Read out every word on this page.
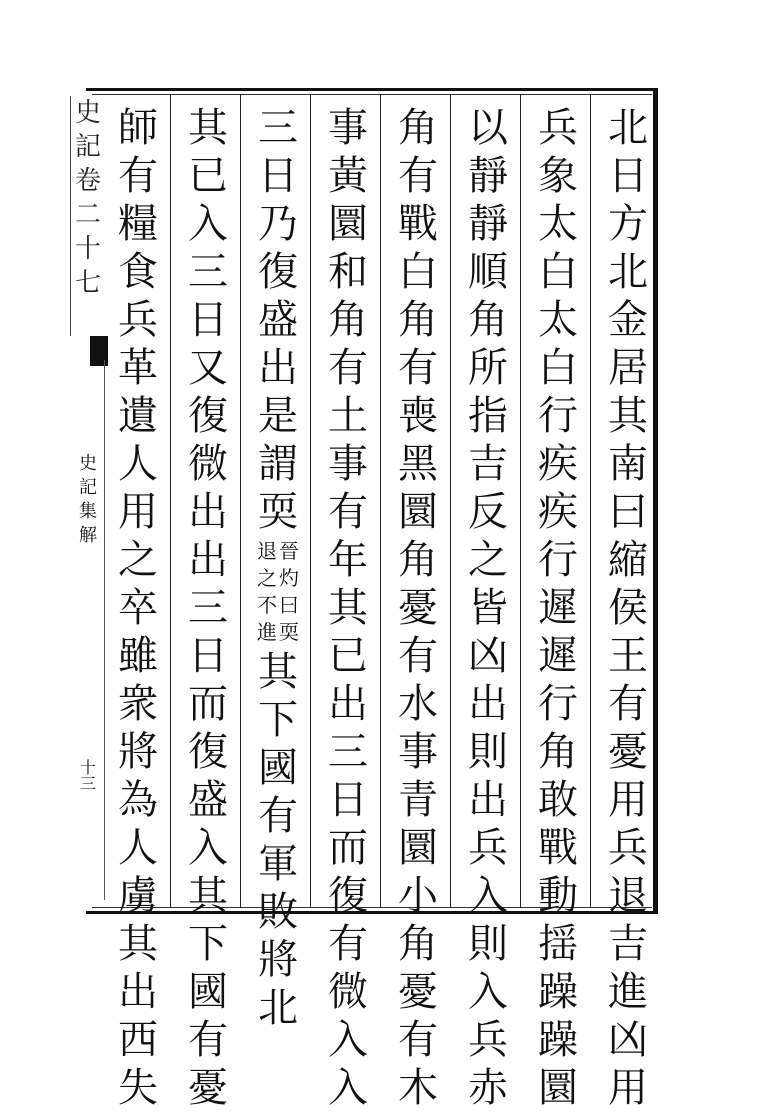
北
日
方
北
金
居
其
南
曰
縮
侯
王
有
憂
用
兵
退
吉
進
凶
用
兵
象
太
白
太
白
行
疾
疾
行
遲
遲
行
角
敢
戰
動
揺
躁
躁
圜
以
靜
靜
順
角
所
指
吉
反
之
皆
凶
出
則
出
兵
入
則
入
兵
赤
角
有
戰
白
角
有
喪
黑
圜
角
憂
有
水
事
青
圜
小
角
憂
有
木
事
黃
圜
和
角
有
土
事
有
年
其
已
出
三
日
而
復
有
微
入
入
三
日
乃
復
盛
出
是
謂
耎
晉
灼
曰
耎
退
之
不
進
其
下
國
有
軍
敗
將
北
其
已
入
三
日
又
復
微
出
出
三
日
而
復
盛
入
其
下
國
有
憂
師
有
糧
食
兵
革
遺
人
用
之
卒
雖
衆
將
為
人
虜
其
出
西
失
史
記
卷
二
十
七
史
記
集
解
十
三
